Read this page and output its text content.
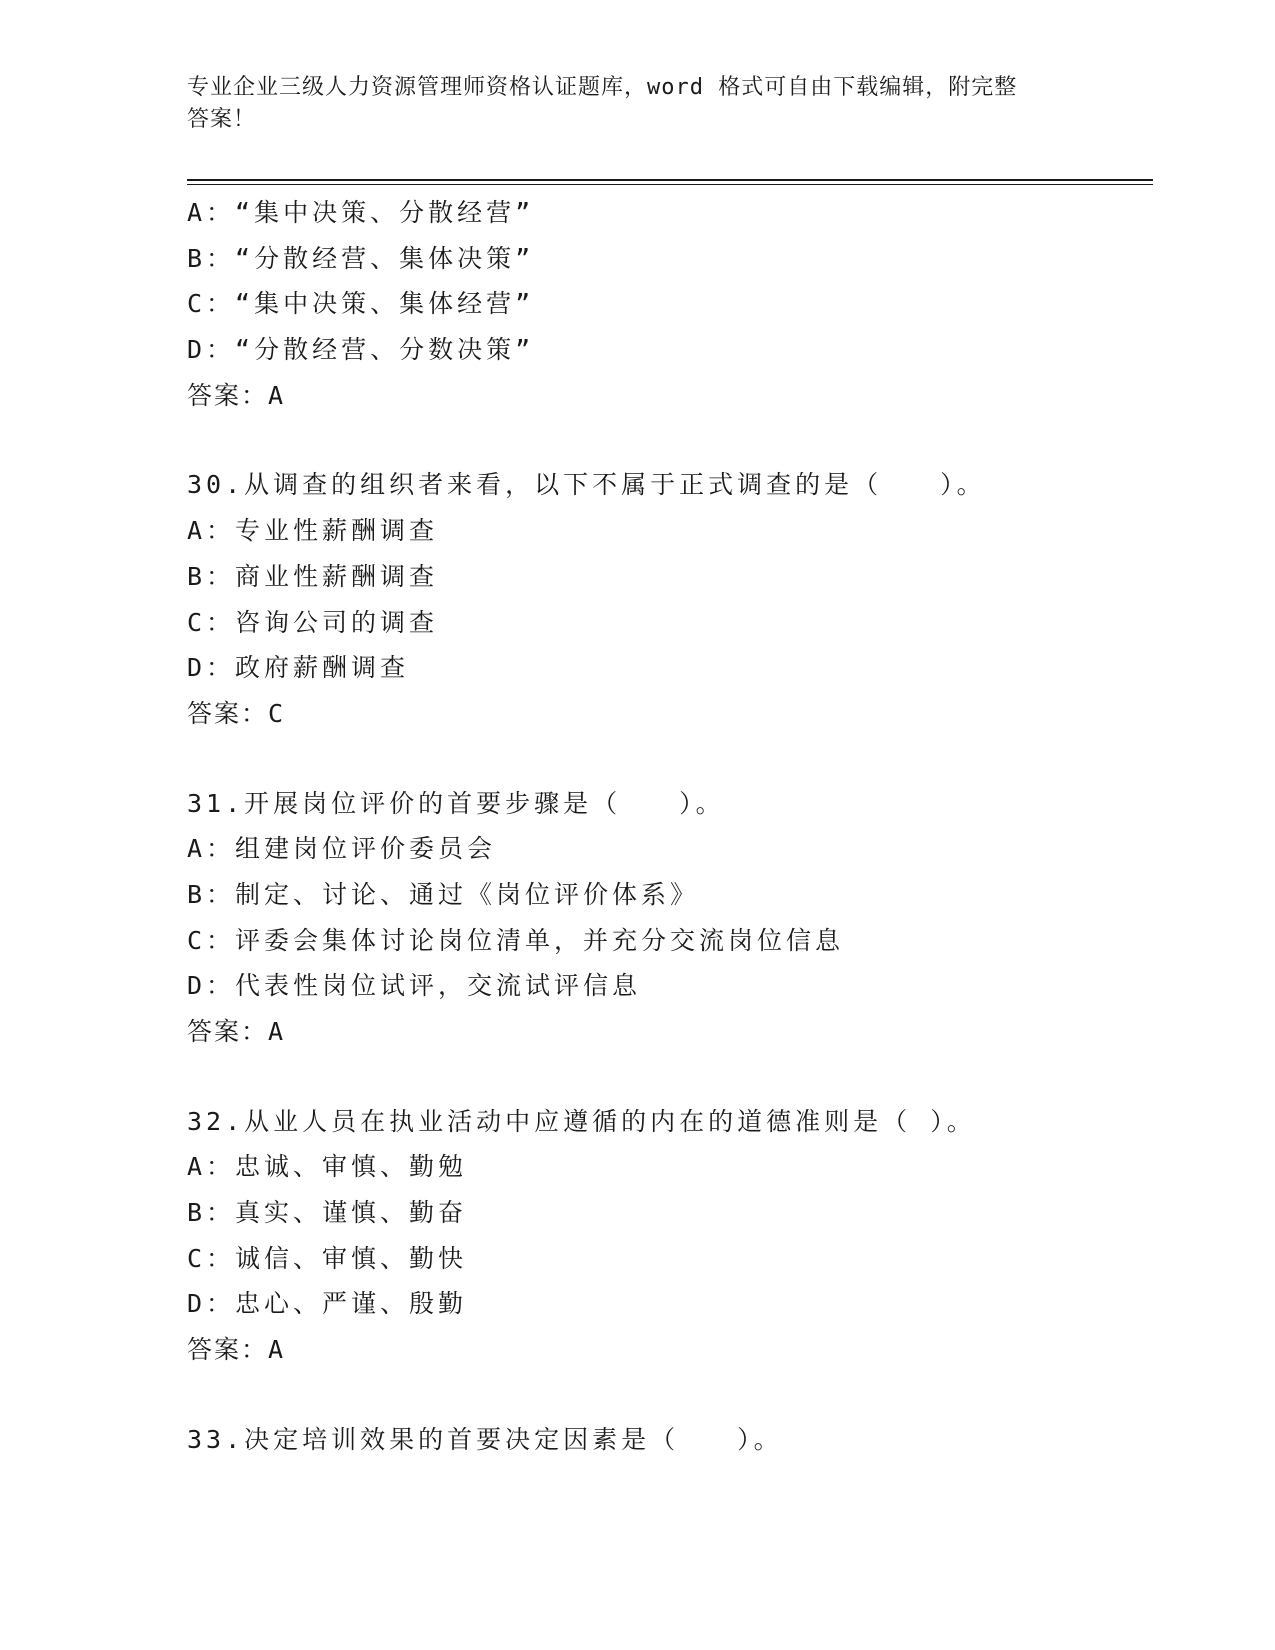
专业企业三级人力资源管理师资格认证题库，word 格式可自由下载编辑，附完整
答案！
A：“集中决策、分散经营”
B：“分散经营、集体决策”
C：“集中决策、集体经营”
D：“分散经营、分数决策”
答案：A
30.从调查的组织者来看，以下不属于正式调查的是（　　）。
A：专业性薪酬调查
B：商业性薪酬调查
C：咨询公司的调查
D：政府薪酬调查
答案：C
31.开展岗位评价的首要步骤是（　　）。
A：组建岗位评价委员会
B：制定、讨论、通过《岗位评价体系》
C：评委会集体讨论岗位清单，并充分交流岗位信息
D：代表性岗位试评，交流试评信息
答案：A
32.从业人员在执业活动中应遵循的内在的道德准则是（ ）。
A：忠诚、审慎、勤勉
B：真实、谨慎、勤奋
C：诚信、审慎、勤快
D：忠心、严谨、殷勤
答案：A
33.决定培训效果的首要决定因素是（　　）。
